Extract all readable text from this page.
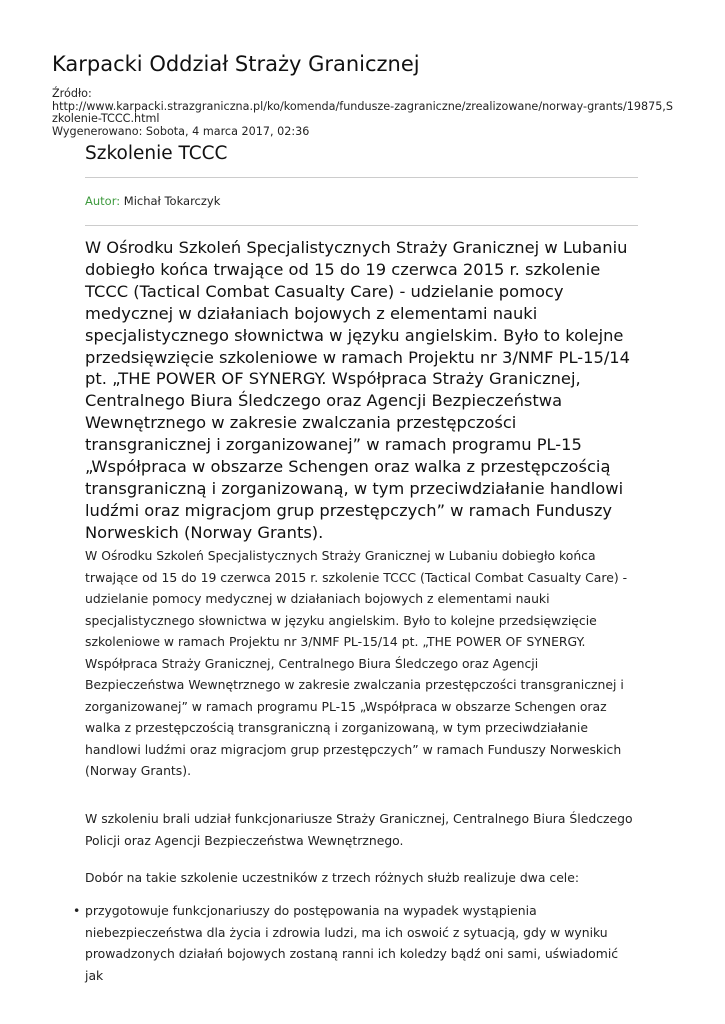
Karpacki Oddział Straży Granicznej
Źródło:
http://www.karpacki.strazgraniczna.pl/ko/komenda/fundusze-zagraniczne/zrealizowane/norway-grants/19875,Szkolenie-TCCC.html
Wygenerowano: Sobota, 4 marca 2017, 02:36
Szkolenie TCCC
Autor: Michał Tokarczyk

W Ośrodku Szkoleń Specjalistycznych Straży Granicznej w Lubaniu dobiegło końca trwające od 15 do 19 czerwca 2015 r. szkolenie TCCC (Tactical Combat Casualty Care) - udzielanie pomocy medycznej w działaniach bojowych z elementami nauki specjalistycznego słownictwa w języku angielskim. Było to kolejne przedsięwzięcie szkoleniowe w ramach Projektu nr 3/NMF PL-15/14 pt. „THE POWER OF SYNERGY. Współpraca Straży Granicznej, Centralnego Biura Śledczego oraz Agencji Bezpieczeństwa Wewnętrznego w zakresie zwalczania przestępczości transgranicznej i zorganizowanej” w ramach programu PL-15 „Współpraca w obszarze Schengen oraz walka z przestępczością transgraniczną i zorganizowaną, w tym przeciwdziałanie handlowi ludźmi oraz migracjom grup przestępczych” w ramach Funduszy Norweskich (Norway Grants).

W Ośrodku Szkoleń Specjalistycznych Straży Granicznej w Lubaniu dobiegło końca trwające od 15 do 19 czerwca 2015 r. szkolenie TCCC (Tactical Combat Casualty Care) - udzielanie pomocy medycznej w działaniach bojowych z elementami nauki specjalistycznego słownictwa w języku angielskim. Było to kolejne przedsięwzięcie szkoleniowe w ramach Projektu nr 3/NMF PL-15/14 pt. „THE POWER OF SYNERGY. Współpraca Straży Granicznej, Centralnego Biura Śledczego oraz Agencji Bezpieczeństwa Wewnętrznego w zakresie zwalczania przestępczości transgranicznej i zorganizowanej” w ramach programu PL-15 „Współpraca w obszarze Schengen oraz walka z przestępczością transgraniczną i zorganizowaną, w tym przeciwdziałanie handlowi ludźmi oraz migracjom grup przestępczych” w ramach Funduszy Norweskich (Norway Grants).

W szkoleniu brali udział funkcjonariusze Straży Granicznej, Centralnego Biura Śledczego Policji oraz Agencji Bezpieczeństwa Wewnętrznego.

Dobór na takie szkolenie uczestników z trzech różnych służb realizuje dwa cele:

• przygotowuje funkcjonariuszy do postępowania na wypadek wystąpienia niebezpieczeństwa dla życia i zdrowia ludzi, ma ich oswoić z sytuacją, gdy w wyniku prowadzonych działań bojowych zostaną ranni ich koledzy bądź oni sami, uświadomić jak
